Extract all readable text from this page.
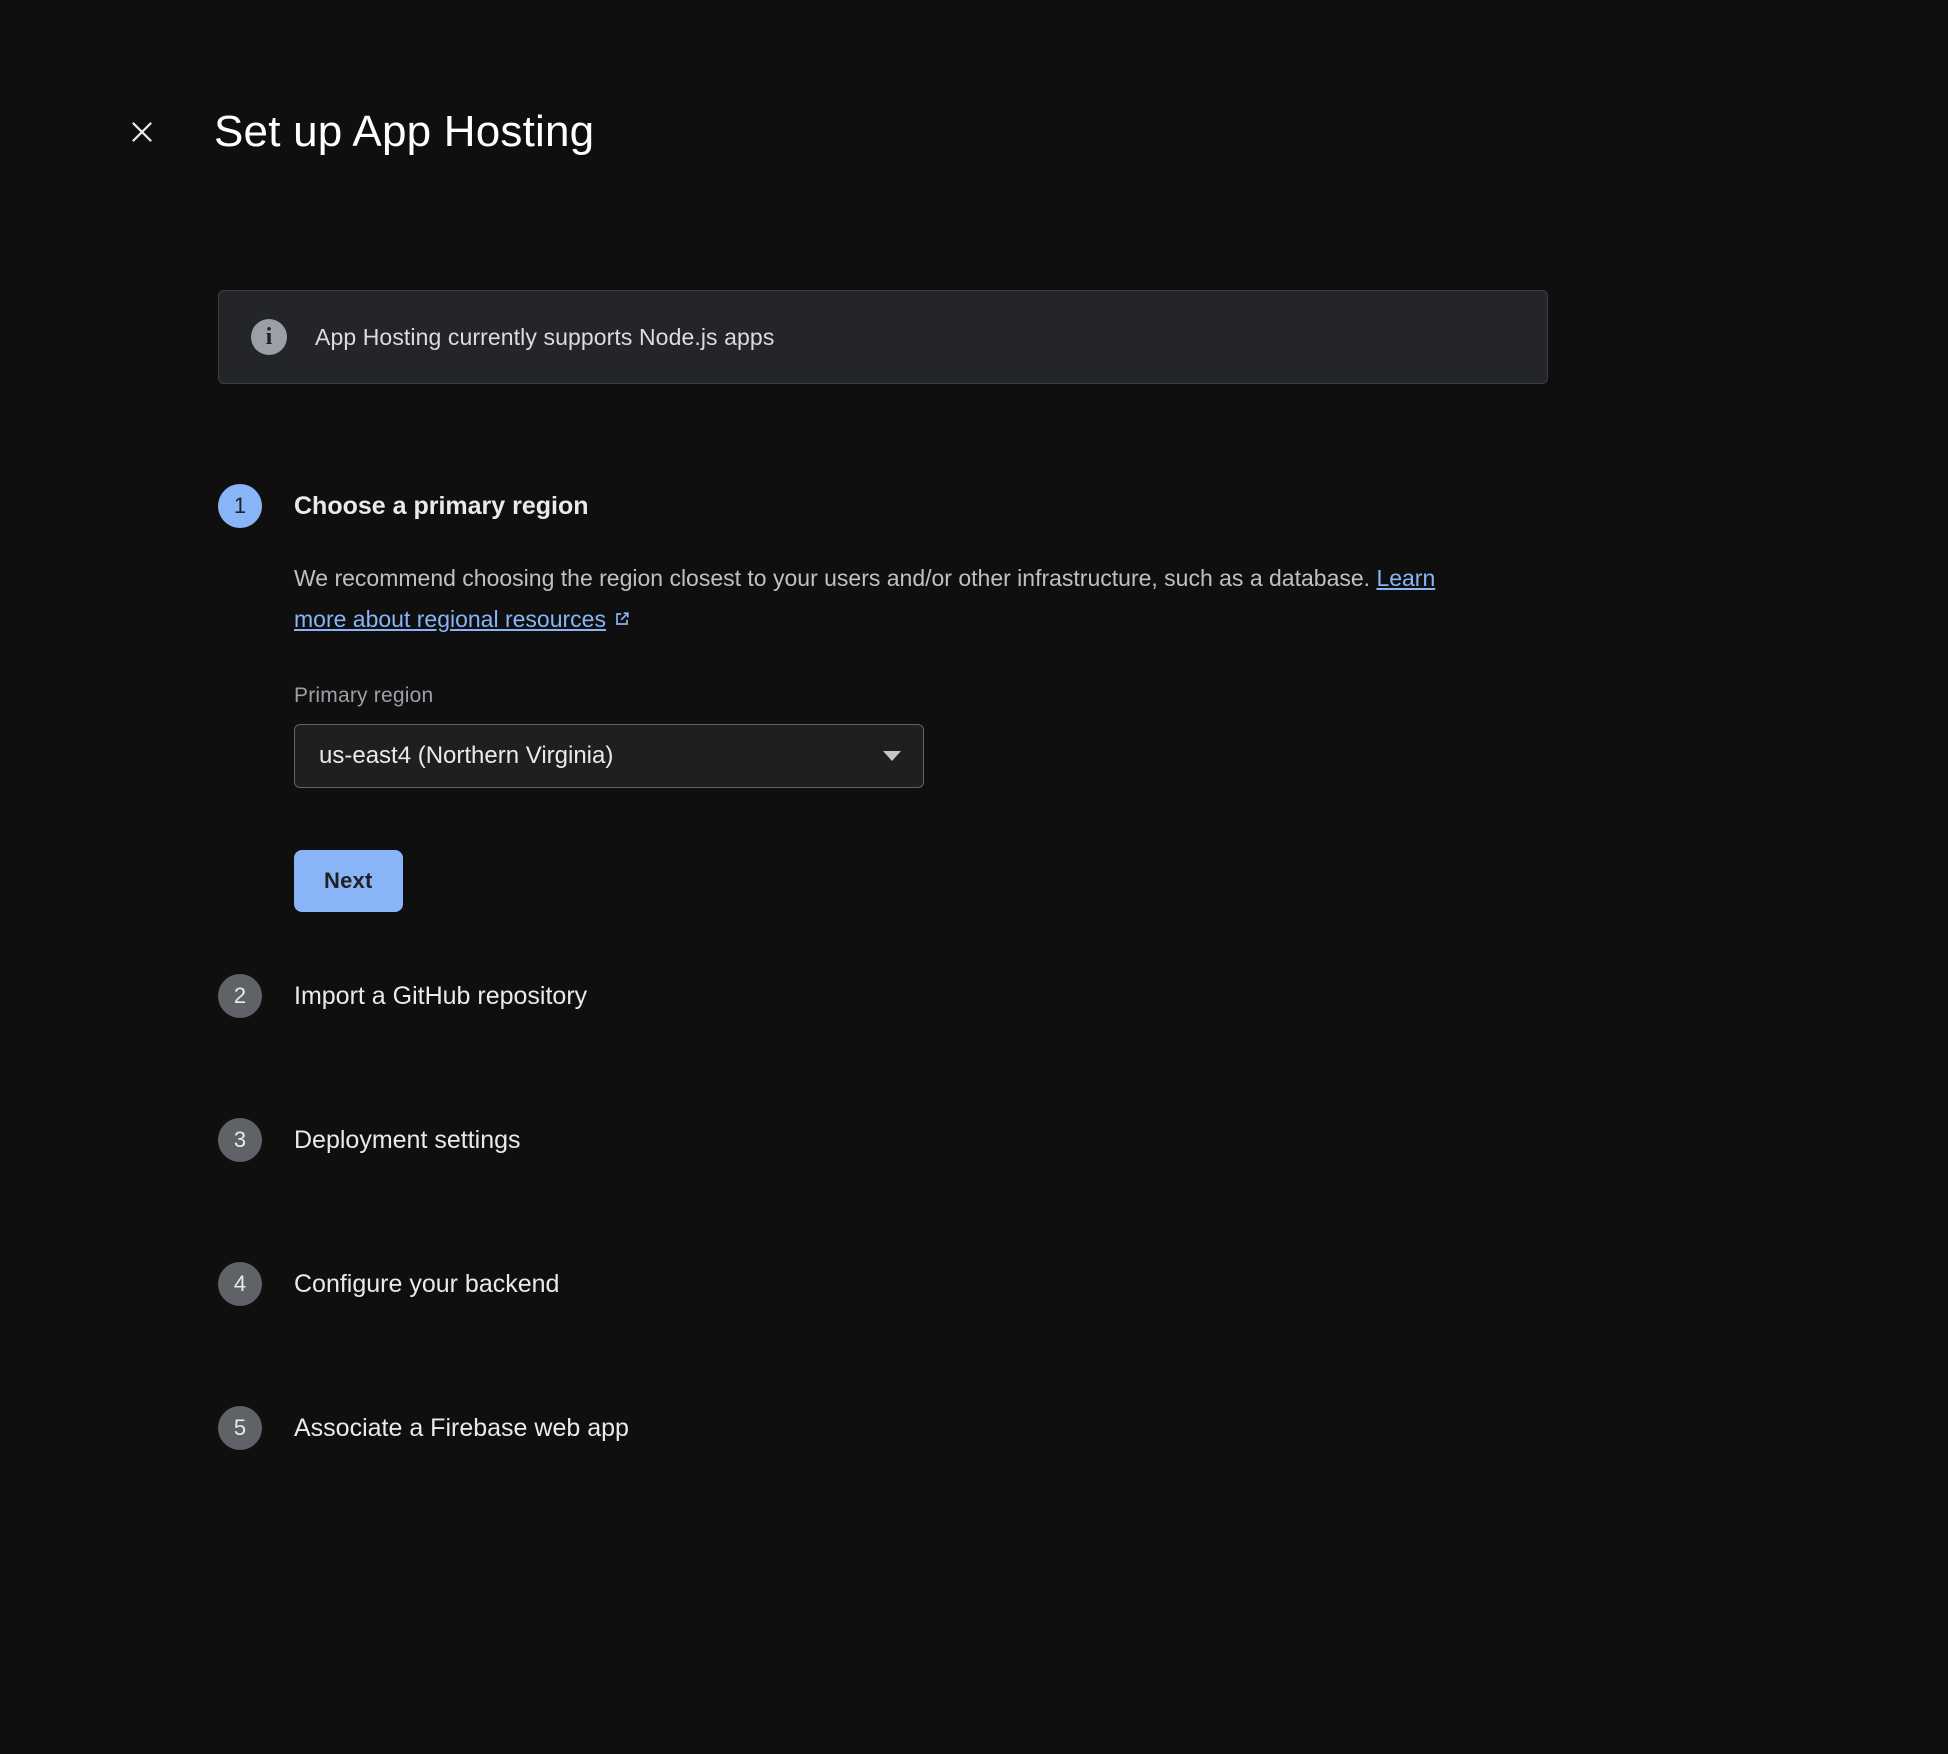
Set up App Hosting
i	App Hosting currently supports Node.js apps
1	Choose a primary region
We recommend choosing the region closest to your users and/or other infrastructure, such as a database. Learn more about regional resources
Primary region
us-east4 (Northern Virginia)
Next
2	Import a GitHub repository
3	Deployment settings
4	Configure your backend
5	Associate a Firebase web app
